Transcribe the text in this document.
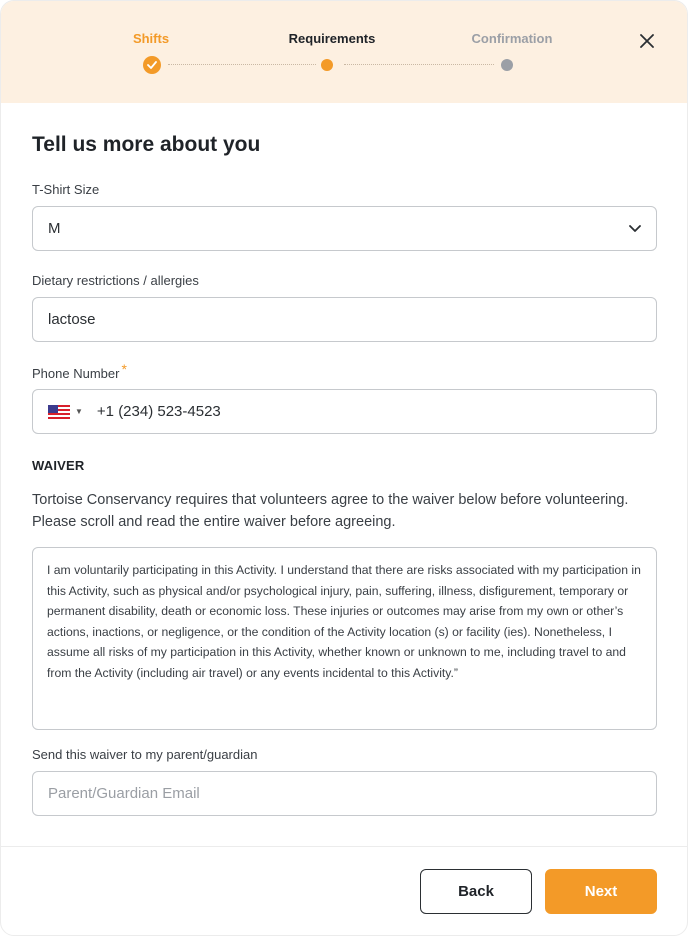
Shifts	Requirements	Confirmation
Tell us more about you
T-Shirt Size
M
Dietary restrictions / allergies
lactose
Phone Number *
▼ +1 (234) 523-4523
WAIVER
Tortoise Conservancy requires that volunteers agree to the waiver below before volunteering. Please scroll and read the entire waiver before agreeing.
I am voluntarily participating in this Activity. I understand that there are risks associated with my participation in this Activity, such as physical and/or psychological injury, pain, suffering, illness, disfigurement, temporary or permanent disability, death or economic loss. These injuries or outcomes may arise from my own or other’s actions, inactions, or negligence, or the condition of the Activity location (s) or facility (ies). Nonetheless, I assume all risks of my participation in this Activity, whether known or unknown to me, including travel to and from the Activity (including air travel) or any events incidental to this Activity.”
Send this waiver to my parent/guardian
Parent/Guardian Email
Back	Next
